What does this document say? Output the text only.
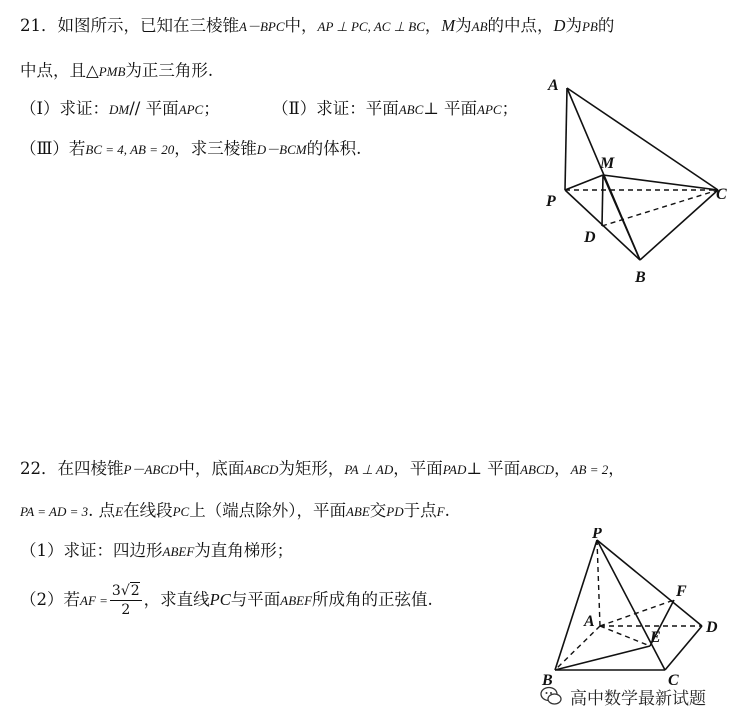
21．如图所示，已知在三棱锥A－BPC中，AP ⊥ PC, AC ⊥ BC，M为AB的中点，D为PB的
中点，且△PMB为正三角形.
（Ⅰ）求证：DM// 平面APC；	（Ⅱ）求证：平面ABC⊥ 平面APC；
（Ⅲ）若BC = 4, AB = 20，求三棱锥D－BCM的体积.
A
M
P	C
D
B
22．在四棱锥P－ABCD中，底面ABCD为矩形，PA ⊥ AD，平面PAD⊥ 平面ABCD，AB = 2，
PA = AD = 3. 点E在线段PC上（端点除外），平面ABE交PD于点F.
（1）求证：四边形ABEF为直角梯形；
（2）若AF = $\frac{3√2}{2}$ ，求直线PC与平面ABEF所成角的正弦值.
P
F
A
E
D
B	C
高中数学最新试题
